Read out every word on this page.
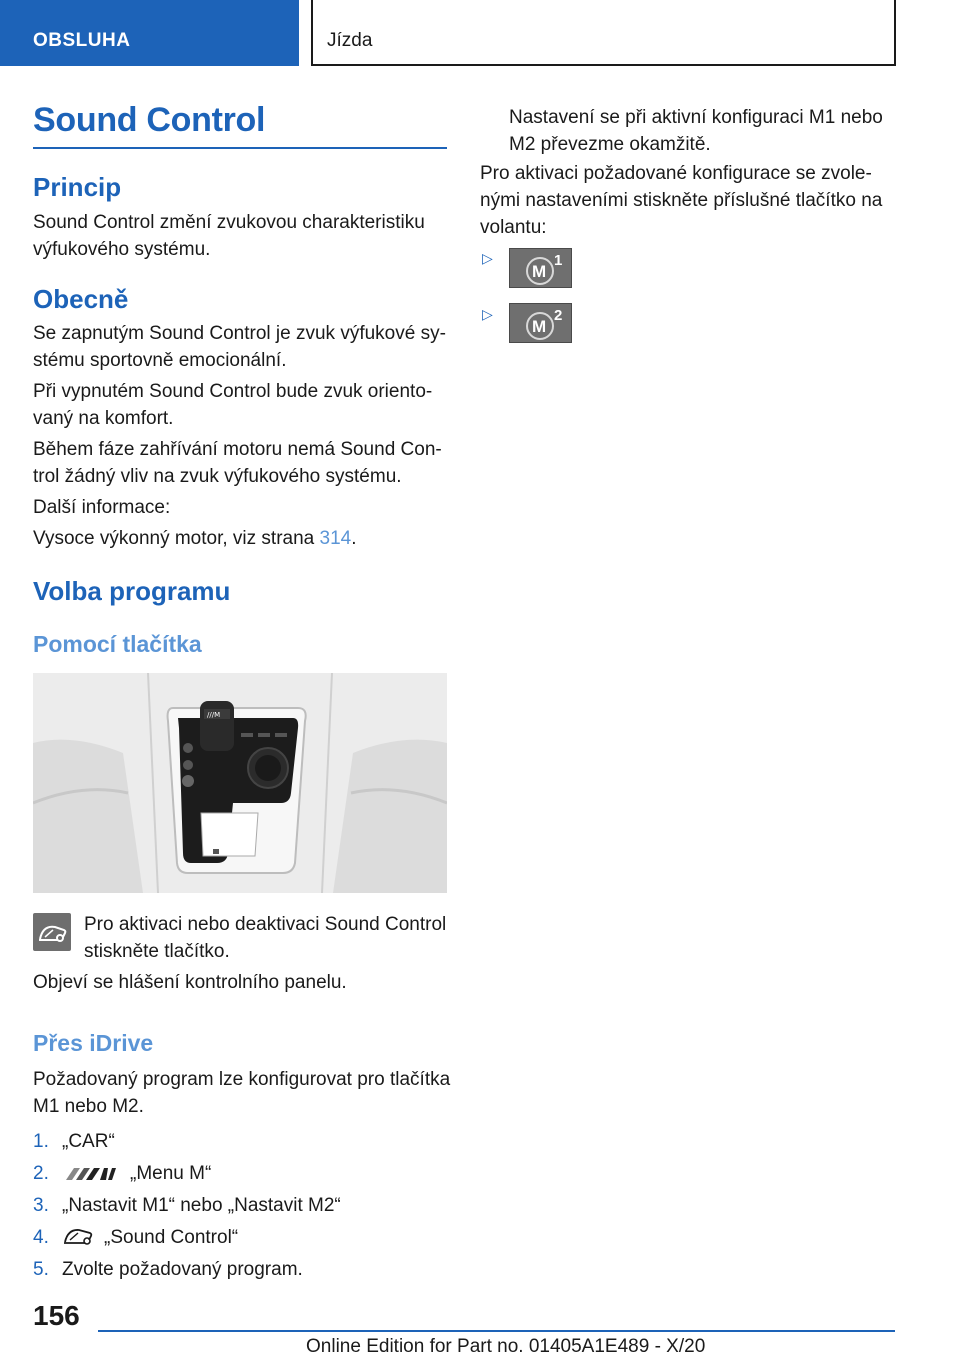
OBSLUHA	Jízda
Sound Control
Princip
Sound Control změní zvukovou charakteristiku
výfukového systému.
Obecně
Se zapnutým Sound Control je zvuk výfukové sy-
stému sportovně emocionální.
Při vypnutém Sound Control bude zvuk oriento-
vaný na komfort.
Během fáze zahřívání motoru nemá Sound Con-
trol žádný vliv na zvuk výfukového systému.
Další informace:
Vysoce výkonný motor, viz strana 314.
Volba programu
Pomocí tlačítka
///M
Pro aktivaci nebo deaktivaci Sound Control
stiskněte tlačítko.
Objeví se hlášení kontrolního panelu.
Přes iDrive
Požadovaný program lze konfigurovat pro tlačítka
M1 nebo M2.
1. „CAR“
2.	„Menu M“
3. „Nastavit M1“ nebo „Nastavit M2“
4.	„Sound Control“
5. Zvolte požadovaný program.
Nastavení se při aktivní konfiguraci M1 nebo
M2 převezme okamžitě.
Pro aktivaci požadované konfigurace se zvole-
nými nastaveními stiskněte příslušné tlačítko na
volantu:
▷
M
1
▷
M
2
156
Online Edition for Part no. 01405A1E489 - X/20
